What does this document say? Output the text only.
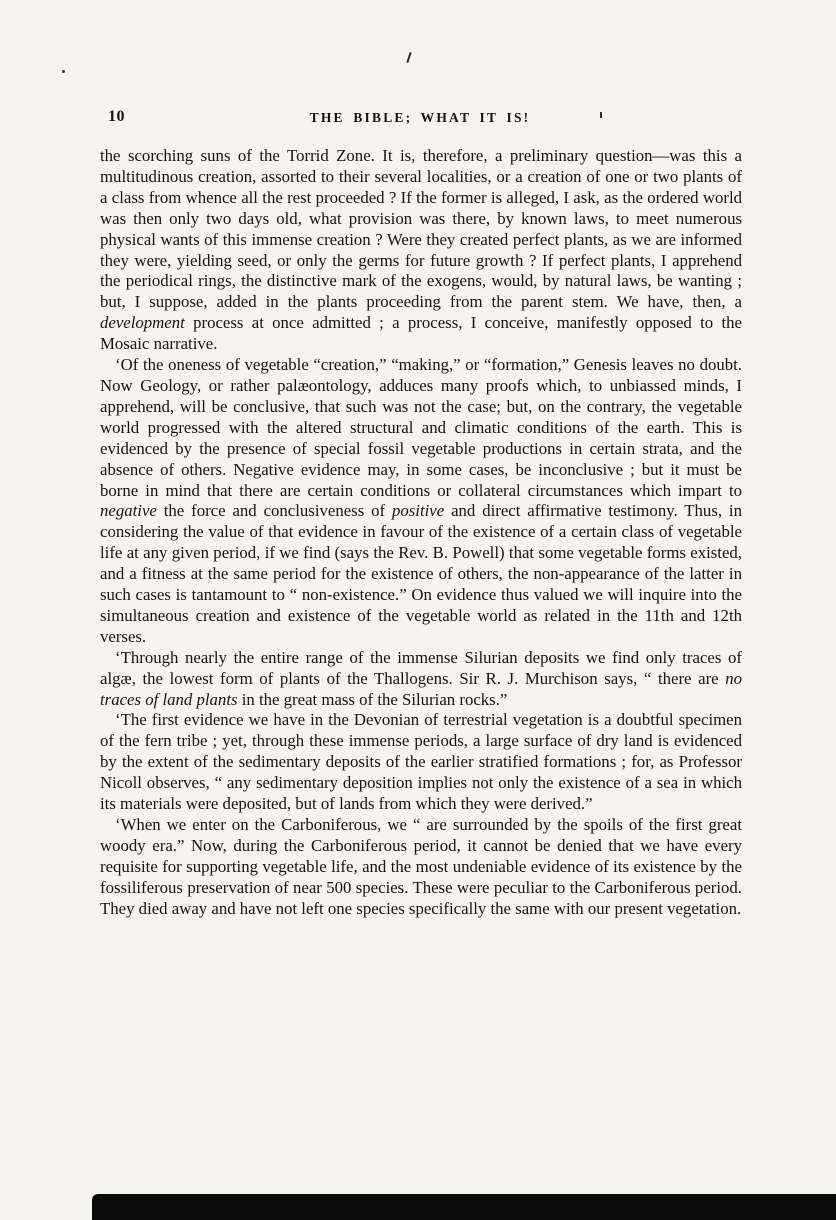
10	THE BIBLE; WHAT IT IS!

the scorching suns of the Torrid Zone. It is, therefore, a preliminary question—was this a multitudinous creation, assorted to their several localities, or a creation of one or two plants of a class from whence all the rest proceeded ? If the former is alleged, I ask, as the ordered world was then only two days old, what provision was there, by known laws, to meet numerous physical wants of this immense creation ? Were they created perfect plants, as we are informed they were, yielding seed, or only the germs for future growth ? If perfect plants, I apprehend the periodical rings, the distinctive mark of the exogens, would, by natural laws, be wanting ; but, I suppose, added in the plants proceeding from the parent stem. We have, then, a development process at once admitted ; a process, I conceive, manifestly opposed to the Mosaic narrative.

‘Of the oneness of vegetable “creation,” “making,” or “formation,” Genesis leaves no doubt. Now Geology, or rather palæontology, adduces many proofs which, to unbiassed minds, I apprehend, will be conclusive, that such was not the case; but, on the contrary, the vegetable world progressed with the altered structural and climatic conditions of the earth. This is evidenced by the presence of special fossil vegetable productions in certain strata, and the absence of others. Negative evidence may, in some cases, be inconclusive ; but it must be borne in mind that there are certain conditions or collateral circumstances which impart to negative the force and conclusiveness of positive and direct affirmative testimony. Thus, in considering the value of that evidence in favour of the existence of a certain class of vegetable life at any given period, if we find (says the Rev. B. Powell) that some vegetable forms existed, and a fitness at the same period for the existence of others, the non-appearance of the latter in such cases is tantamount to “ non-existence.” On evidence thus valued we will inquire into the simultaneous creation and existence of the vegetable world as related in the 11th and 12th verses.

‘Through nearly the entire range of the immense Silurian deposits we find only traces of algæ, the lowest form of plants of the Thallogens. Sir R. J. Murchison says, “ there are no traces of land plants in the great mass of the Silurian rocks.”

‘The first evidence we have in the Devonian of terrestrial vegetation is a doubtful specimen of the fern tribe ; yet, through these immense periods, a large surface of dry land is evidenced by the extent of the sedimentary deposits of the earlier stratified formations ; for, as Professor Nicoll observes, “ any sedimentary deposition implies not only the existence of a sea in which its materials were deposited, but of lands from which they were derived.”

‘When we enter on the Carboniferous, we “ are surrounded by the spoils of the first great woody era.” Now, during the Carboniferous period, it cannot be denied that we have every requisite for supporting vegetable life, and the most undeniable evidence of its existence by the fossiliferous preservation of near 500 species. These were peculiar to the Carboniferous period. They died away and have not left one species specifically the same with our present vegetation.
